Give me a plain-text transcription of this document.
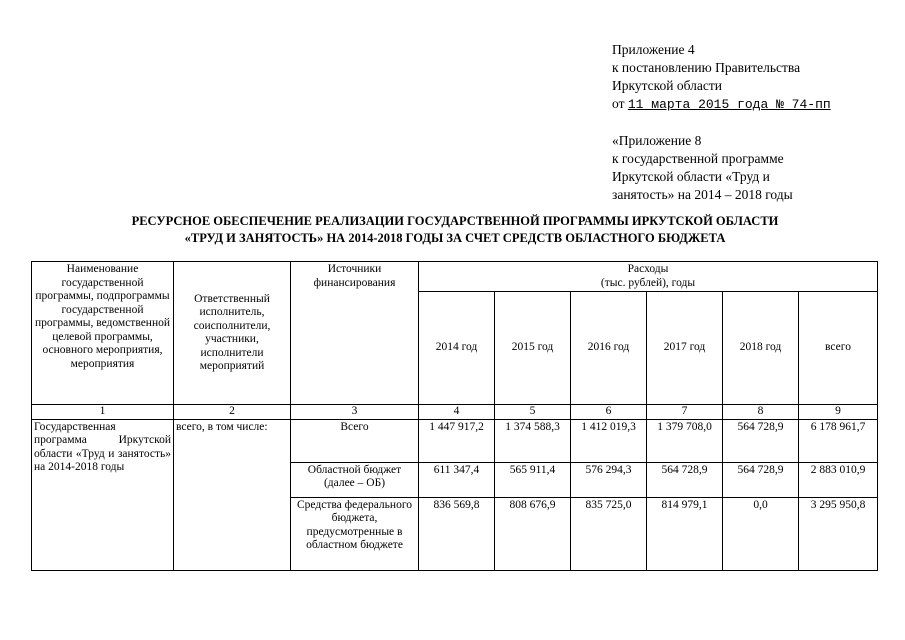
Приложение 4
к постановлению Правительства
Иркутской области
от 11 марта 2015 года № 74-пп
«Приложение 8
к государственной программе
Иркутской области «Труд и
занятость» на 2014 – 2018 годы
РЕСУРСНОЕ ОБЕСПЕЧЕНИЕ РЕАЛИЗАЦИИ ГОСУДАРСТВЕННОЙ ПРОГРАММЫ ИРКУТСКОЙ ОБЛАСТИ
«ТРУД И ЗАНЯТОСТЬ» НА 2014-2018 ГОДЫ ЗА СЧЕТ СРЕДСТВ ОБЛАСТНОГО БЮДЖЕТА
Наименование государственной программы, подпрограммы государственной программы, ведомственной целевой программы, основного мероприятия, мероприятия	Ответственный исполнитель, соисполнители, участники, исполнители мероприятий	Источники финансирования	Расходы
(тыс. рублей), годы					

			2014 год	2015 год	2016 год	2017 год	2018 год	всего
1	2	3	4	5	6	7	8	9
Государственная программа Иркутской области «Труд и занятость» на 2014-2018 годы	всего, в том числе:	Всего	1 447 917,2	1 374 588,3	1 412 019,3	1 379 708,0	564 728,9	6 178 961,7
		Областной бюджет (далее – ОБ)	611 347,4	565 911,4	576 294,3	564 728,9	564 728,9	2 883 010,9
		Средства федерального бюджета, предусмотренные в областном бюджете	836 569,8	808 676,9	835 725,0	814 979,1	0,0	3 295 950,8
